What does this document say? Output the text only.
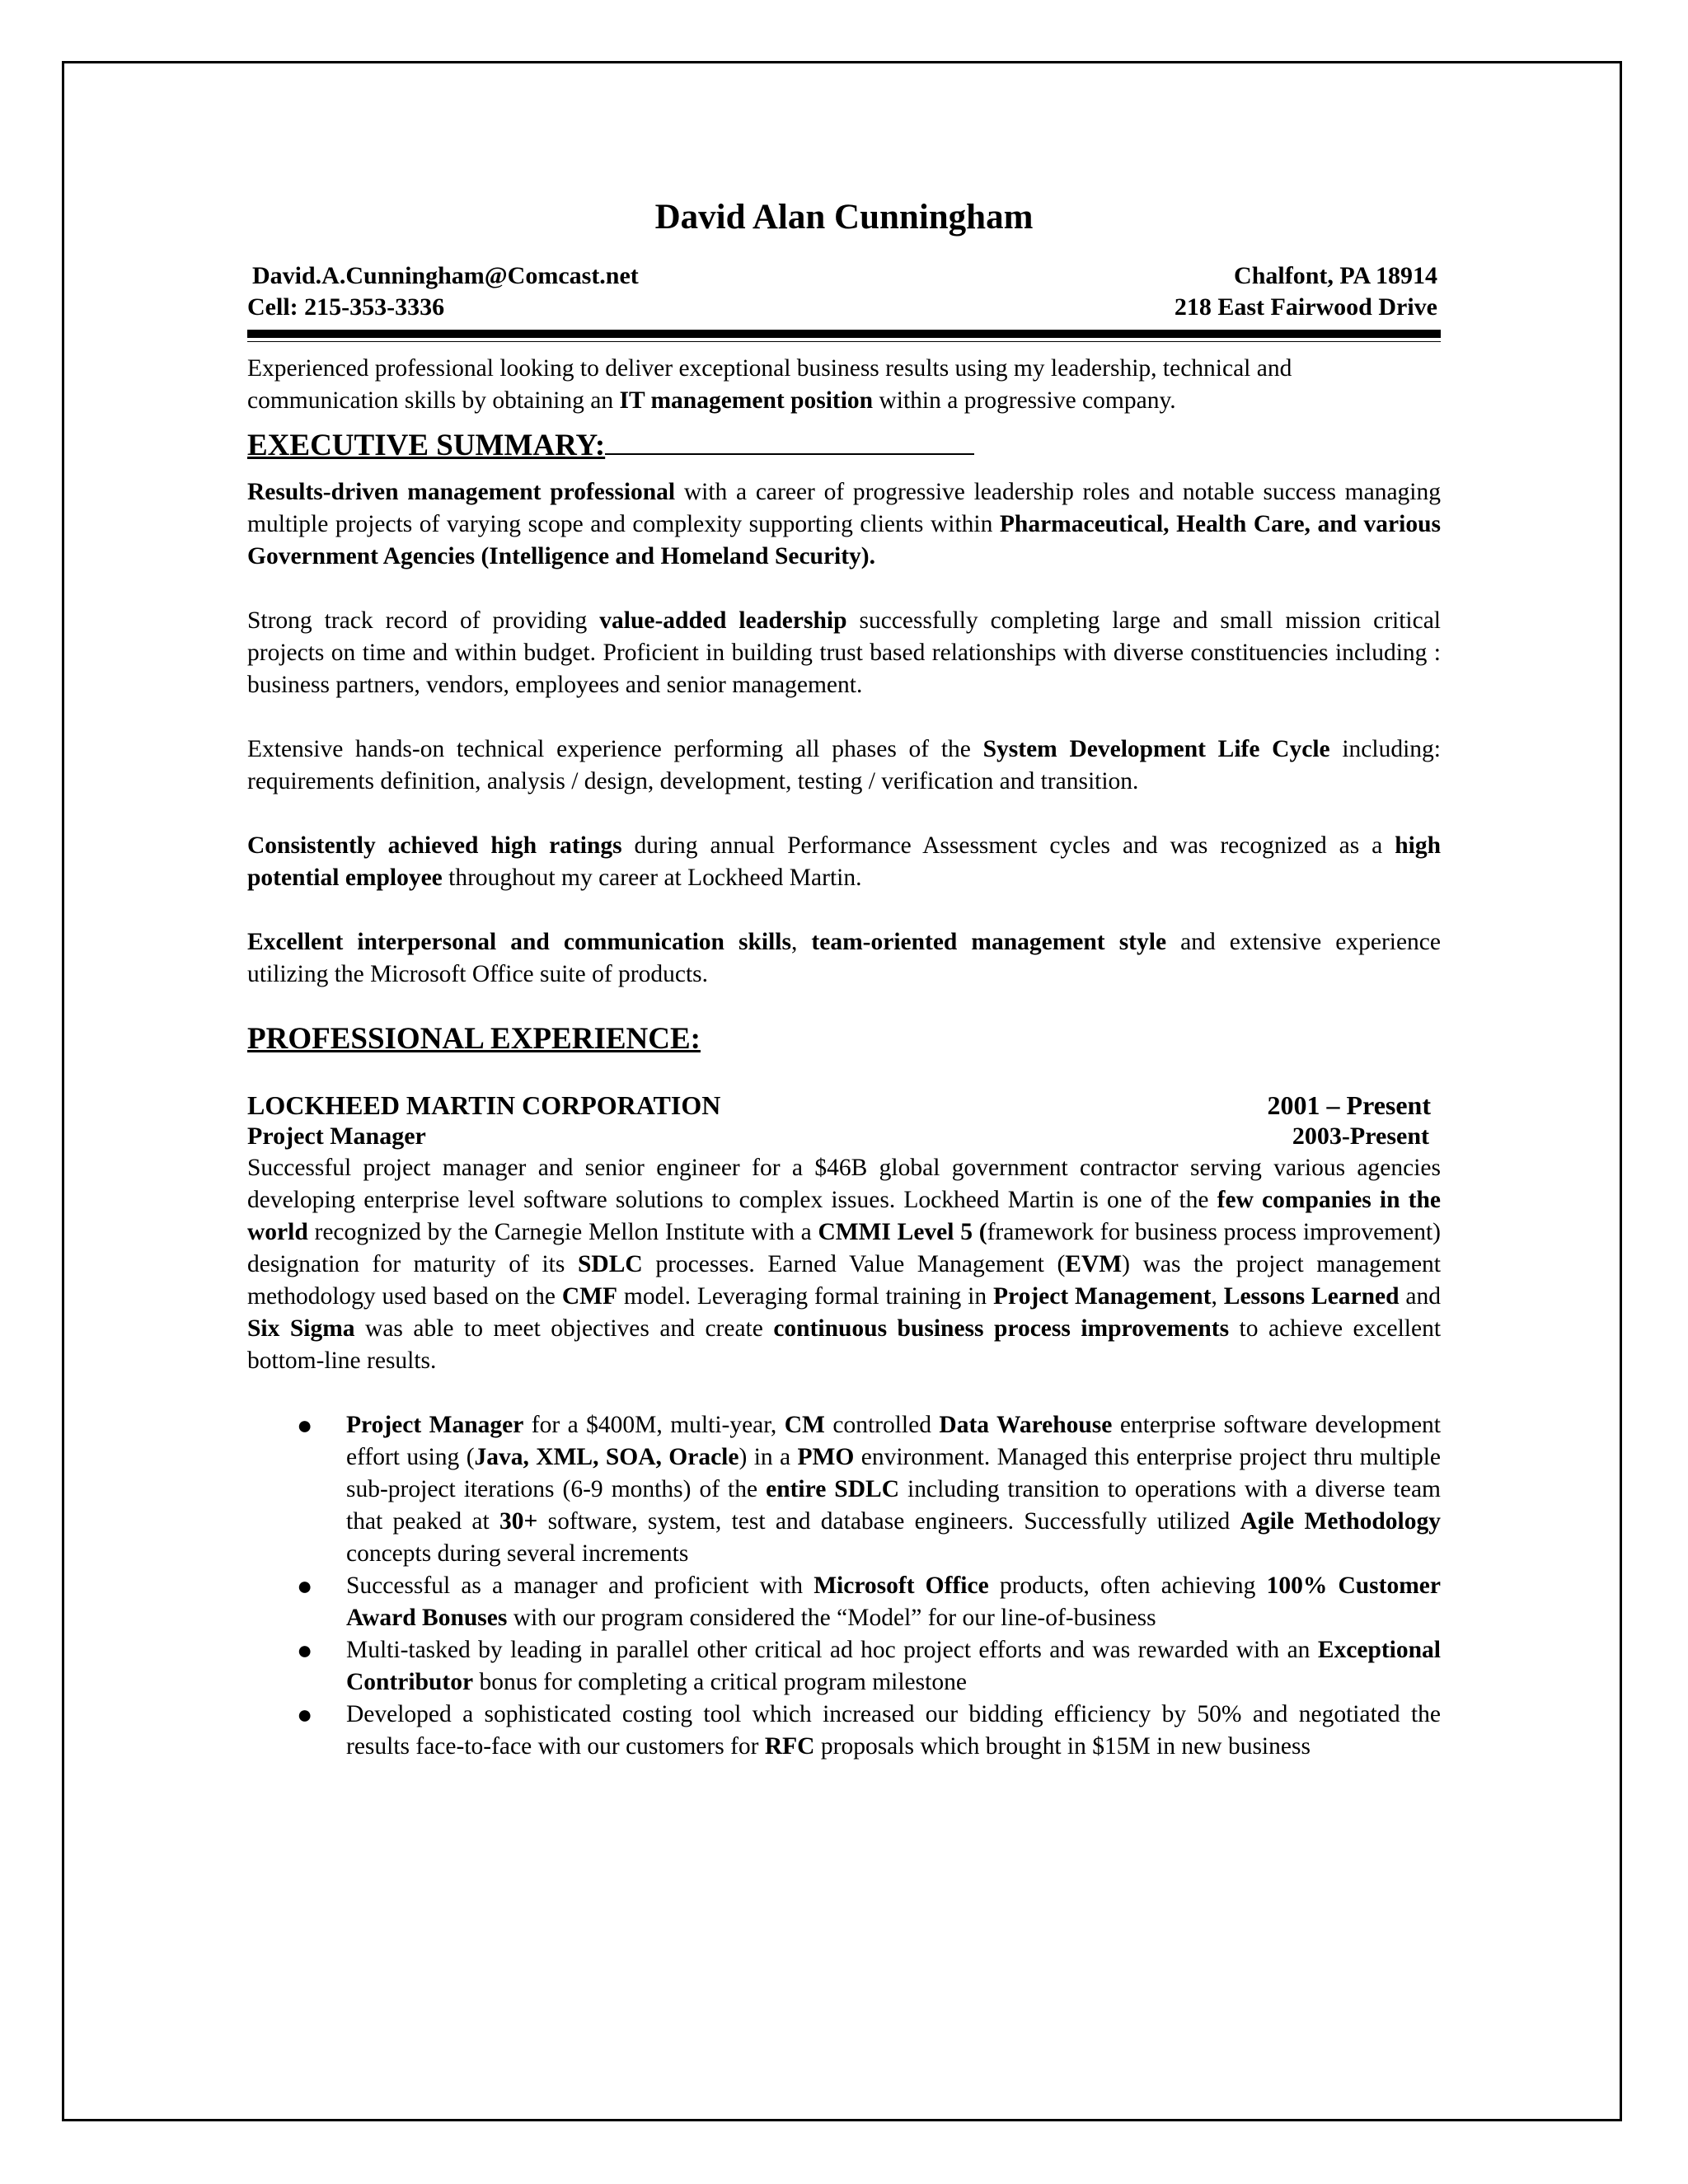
David Alan Cunningham
David.A.Cunningham@Comcast.net	Chalfont, PA 18914
Cell: 215-353-3336	218 East Fairwood Drive

Experienced professional looking to deliver exceptional business results using my leadership, technical and communication skills by obtaining an IT management position within a progressive company.

EXECUTIVE SUMMARY:

Results-driven management professional with a career of progressive leadership roles and notable success managing multiple projects of varying scope and complexity supporting clients within Pharmaceutical, Health Care, and various Government Agencies (Intelligence and Homeland Security).

Strong track record of providing value-added leadership successfully completing large and small mission critical projects on time and within budget. Proficient in building trust based relationships with diverse constituencies including : business partners, vendors, employees and senior management.

Extensive hands-on technical experience performing all phases of the System Development Life Cycle including: requirements definition, analysis / design, development, testing / verification and transition.

Consistently achieved high ratings during annual Performance Assessment cycles and was recognized as a high potential employee throughout my career at Lockheed Martin.

Excellent interpersonal and communication skills, team-oriented management style and extensive experience utilizing the Microsoft Office suite of products.

PROFESSIONAL EXPERIENCE:
LOCKHEED MARTIN CORPORATION	2001 – Present
Project Manager	2003-Present

Successful project manager and senior engineer for a $46B global government contractor serving various agencies developing enterprise level software solutions to complex issues. Lockheed Martin is one of the few companies in the world recognized by the Carnegie Mellon Institute with a CMMI Level 5 (framework for business process improvement) designation for maturity of its SDLC processes. Earned Value Management (EVM) was the project management methodology used based on the CMF model. Leveraging formal training in Project Management, Lessons Learned and Six Sigma was able to meet objectives and create continuous business process improvements to achieve excellent bottom-line results.

● Project Manager for a $400M, multi-year, CM controlled Data Warehouse enterprise software development effort using (Java, XML, SOA, Oracle) in a PMO environment. Managed this enterprise project thru multiple sub-project iterations (6-9 months) of the entire SDLC including transition to operations with a diverse team that peaked at 30+ software, system, test and database engineers. Successfully utilized Agile Methodology concepts during several increments
● Successful as a manager and proficient with Microsoft Office products, often achieving 100% Customer Award Bonuses with our program considered the “Model” for our line-of-business
● Multi-tasked by leading in parallel other critical ad hoc project efforts and was rewarded with an Exceptional Contributor bonus for completing a critical program milestone
● Developed a sophisticated costing tool which increased our bidding efficiency by 50% and negotiated the results face-to-face with our customers for RFC proposals which brought in $15M in new business
